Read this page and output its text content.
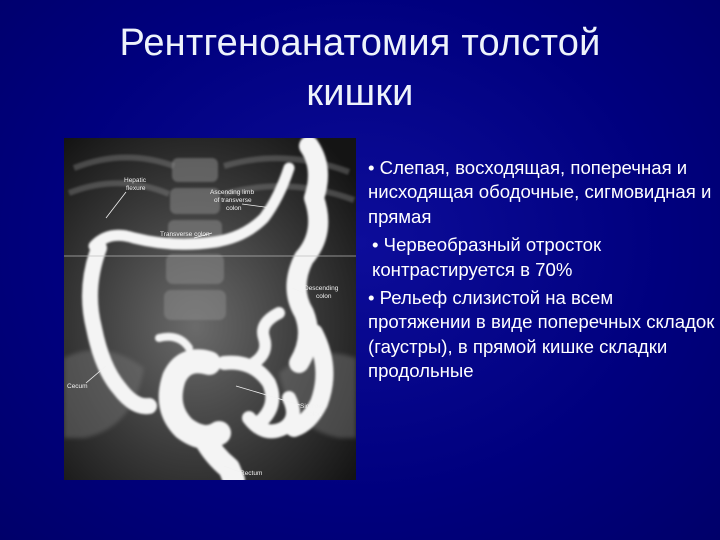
Рентгеноанатомия толстой
кишки
Hepatic
flexure
Ascending limb
of transverse
colon
Transverse colon
Descending
colon
Cecum
Sigmoid
colon
Rectum
• Слепая, восходящая, поперечная и нисходящая ободочные, сигмовидная и прямая
• Червеобразный отросток контрастируется в 70%
• Рельеф слизистой на всем протяжении в виде поперечных складок (гаустры), в прямой кишке складки продольные
